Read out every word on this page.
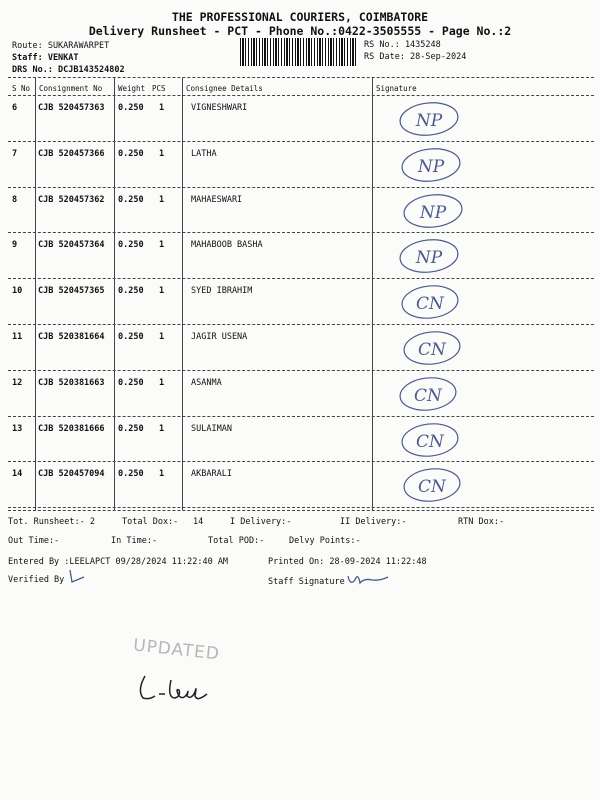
THE PROFESSIONAL COURIERS, COIMBATORE
Delivery Runsheet - PCT - Phone No.:0422-3505555 - Page No.:2
Route: SUKARAWARPET
Staff: VENKAT
DRS No.: DCJB143524802
RS No.: 1435248
RS Date: 28-Sep-2024
S No Consignment No Weight PCS	Consignee Details	Signature
6 CJB 520457363 0.250 1	VIGNESHWARI
NP
7 CJB 520457366 0.250 1	LATHA
NP
8 CJB 520457362 0.250 1	MAHAESWARI
NP
9 CJB 520457364 0.250 1	MAHABOOB BASHA
NP
10 CJB 520457365 0.250 1	SYED IBRAHIM
CN
11 CJB 520381664 0.250 1	JAGIR USENA
CN
12 CJB 520381663 0.250 1	ASANMA
CN
13 CJB 520381666 0.250 1	SULAIMAN
CN
14 CJB 520457094 0.250 1	AKBARALI
CN
Tot. Runsheet:- 2	Total Dox:- 14	I Delivery:-	II Delivery:-	RTN Dox:-
Out Time:-	In Time:-	Total POD:-	Delvy Points:-
Entered By :LEELAPCT 09/28/2024 11:22:40 AM	Printed On: 28-09-2024 11:22:48
Verified By	Staff Signature
UPDATED
